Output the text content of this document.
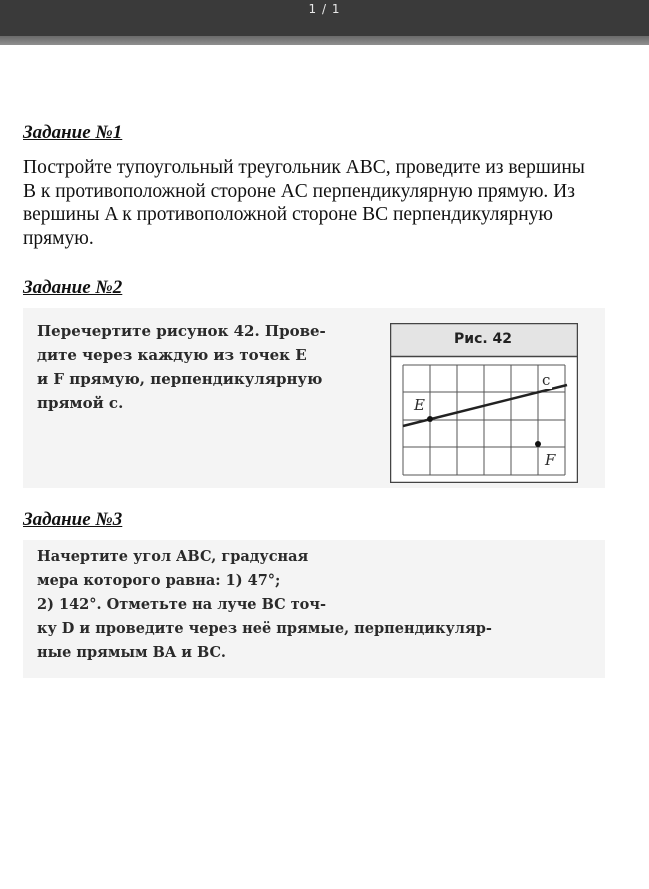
1 / 1
Задание №1
Постройте тупоугольный треугольник ABC, проведите из вершины
B к противоположной стороне AC перпендикулярную прямую. Из
вершины A к противоположной стороне BC перпендикулярную
прямую.
Задание №2
Перечертите рисунок 42. Прове-
дите через каждую из точек E
и F прямую, перпендикулярную
прямой c.
Рис. 42
c
E
F
Задание №3
Начертите угол ABC, градусная
мера которого равна: 1) 47°;
2) 142°. Отметьте на луче BC точ-
ку D и проведите через неё прямые, перпендикуляр-
ные прямым BA и BC.
